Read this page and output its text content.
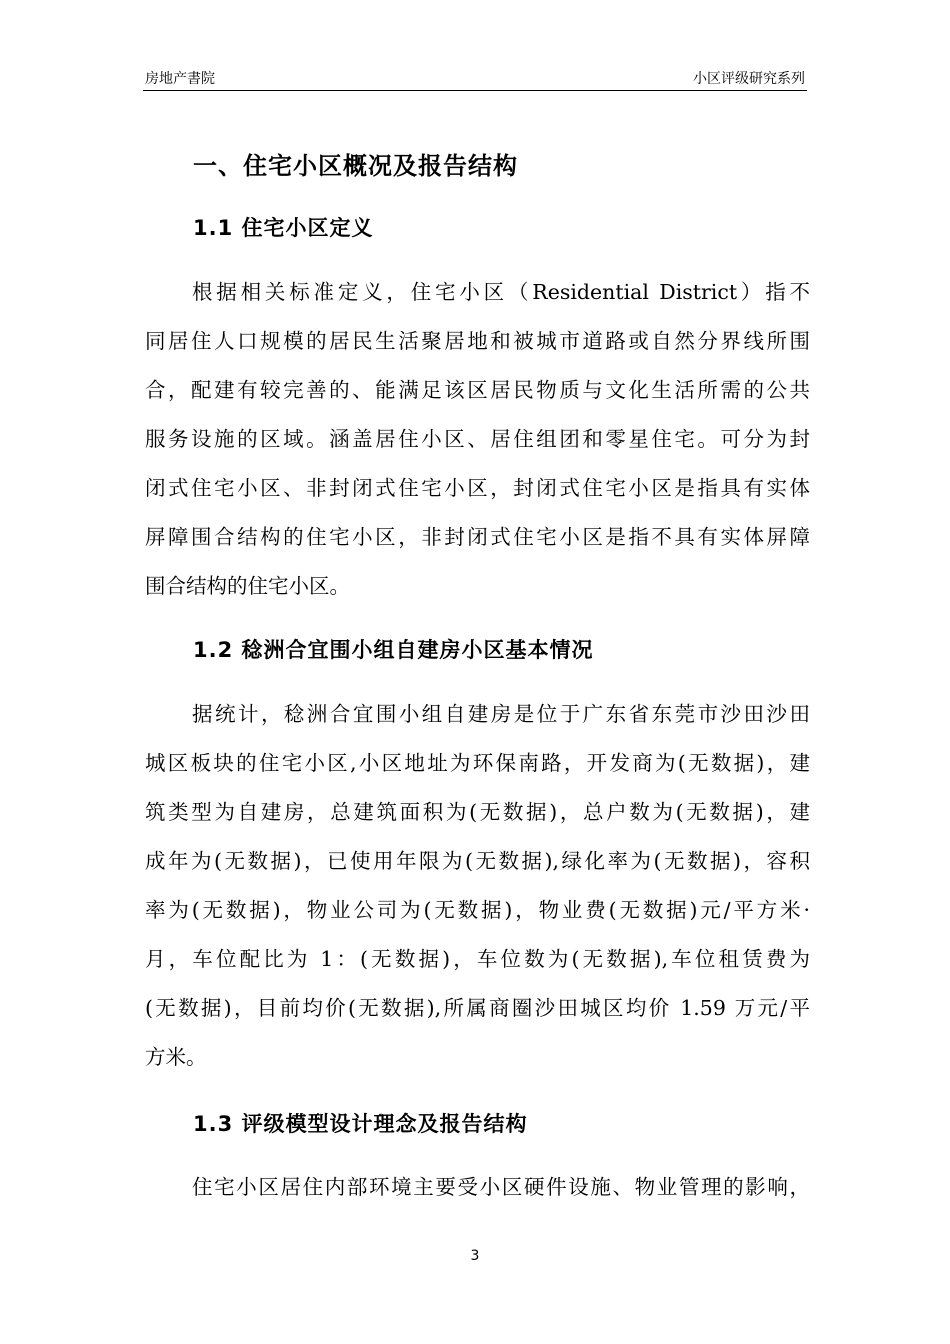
房地产書院	小区评级研究系列
一、住宅小区概况及报告结构
1.1 住宅小区定义
根据相关标准定义，住宅小区（Residential District）指不
同居住人口规模的居民生活聚居地和被城市道路或自然分界线所围
合，配建有较完善的、能满足该区居民物质与文化生活所需的公共
服务设施的区域。涵盖居住小区、居住组团和零星住宅。可分为封
闭式住宅小区、非封闭式住宅小区，封闭式住宅小区是指具有实体
屏障围合结构的住宅小区，非封闭式住宅小区是指不具有实体屏障
围合结构的住宅小区。
1.2 稔洲合宜围小组自建房小区基本情况
据统计，稔洲合宜围小组自建房是位于广东省东莞市沙田沙田
城区板块的住宅小区,小区地址为环保南路，开发商为(无数据)，建
筑类型为自建房，总建筑面积为(无数据)，总户数为(无数据)，建
成年为(无数据)，已使用年限为(无数据),绿化率为(无数据)，容积
率为(无数据)，物业公司为(无数据)，物业费(无数据)元/平方米·
月，车位配比为 1：(无数据)，车位数为(无数据),车位租赁费为
(无数据)，目前均价(无数据),所属商圈沙田城区均价 1.59 万元/平
方米。
1.3 评级模型设计理念及报告结构
住宅小区居住内部环境主要受小区硬件设施、物业管理的影响，
3
